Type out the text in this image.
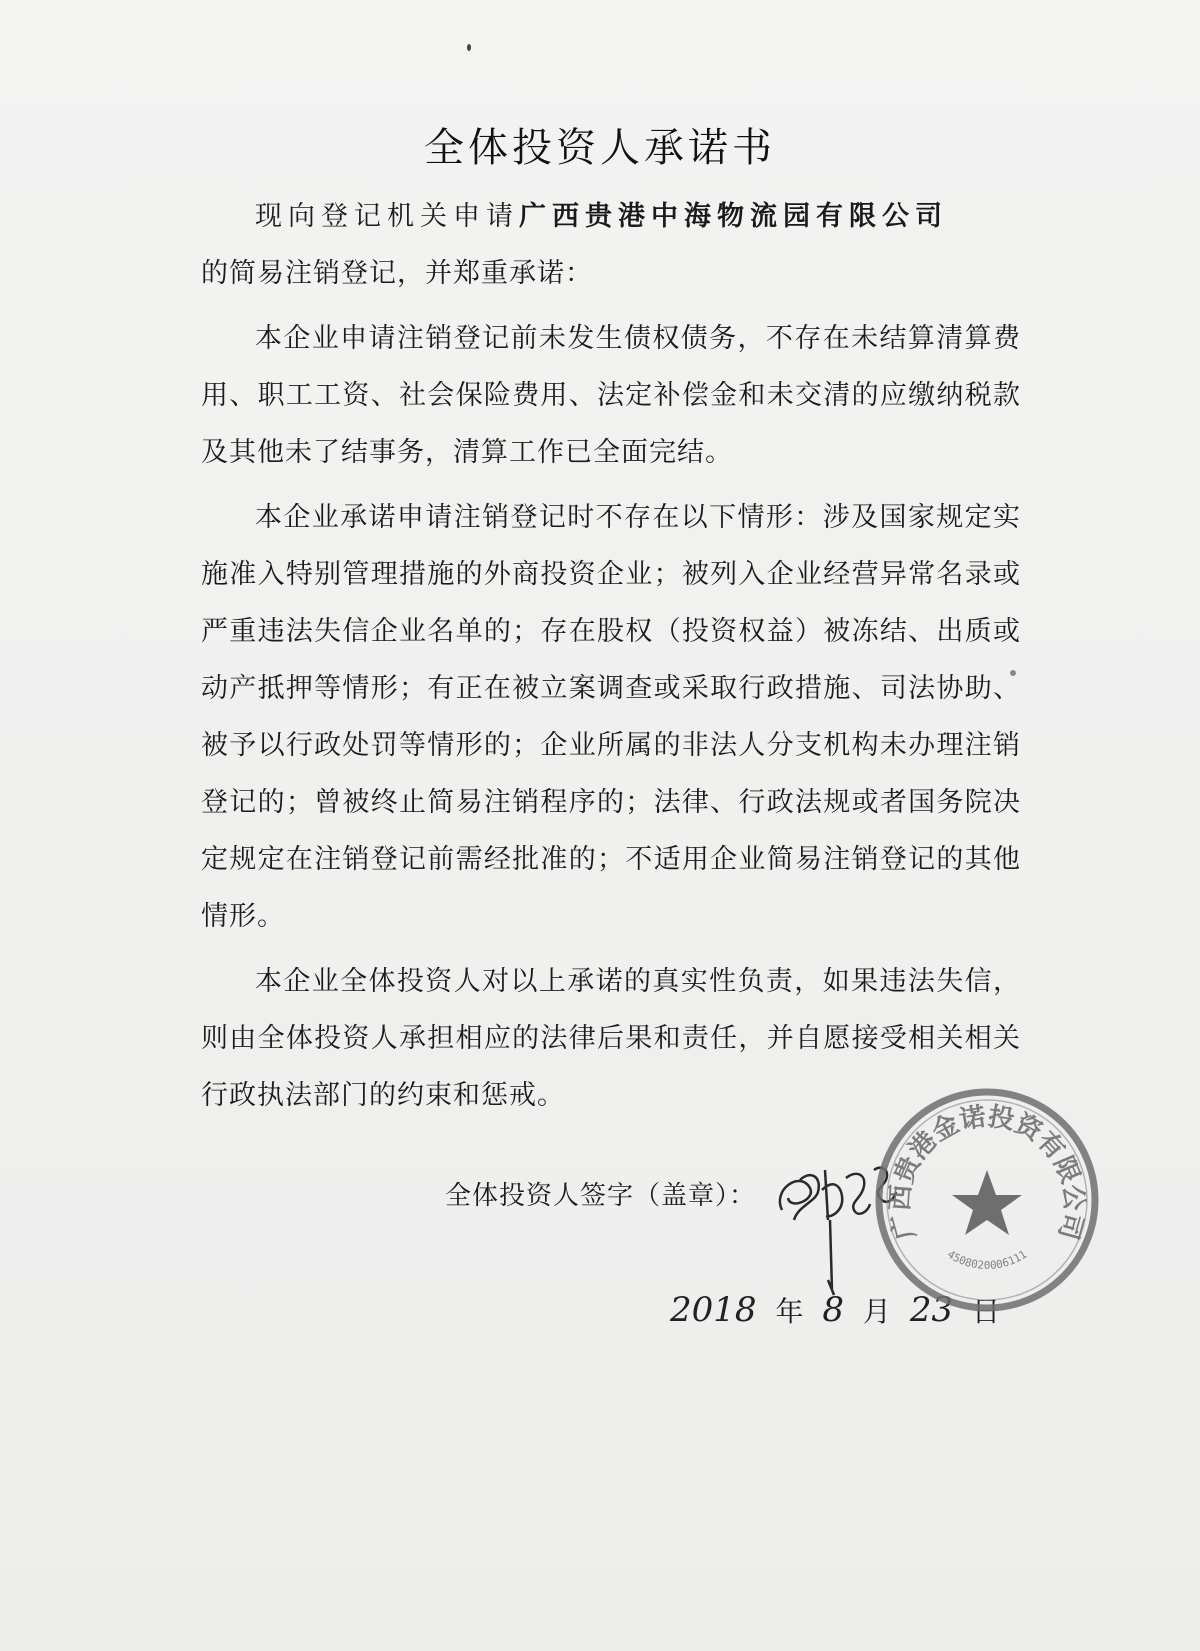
全体投资人承诺书

现向登记机关申请广西贵港中海物流园有限公司

的简易注销登记，并郑重承诺：

本企业申请注销登记前未发生债权债务，不存在未结算清算费用、职工工资、社会保险费用、法定补偿金和未交清的应缴纳税款及其他未了结事务，清算工作已全面完结。

本企业承诺申请注销登记时不存在以下情形：涉及国家规定实施准入特别管理措施的外商投资企业；被列入企业经营异常名录或严重违法失信企业名单的；存在股权（投资权益）被冻结、出质或动产抵押等情形；有正在被立案调查或采取行政措施、司法协助、被予以行政处罚等情形的；企业所属的非法人分支机构未办理注销登记的；曾被终止简易注销程序的；法律、行政法规或者国务院决定规定在注销登记前需经批准的；不适用企业简易注销登记的其他情形。

本企业全体投资人对以上承诺的真实性负责，如果违法失信，则由全体投资人承担相应的法律后果和责任，并自愿接受相关相关行政执法部门的约束和惩戒。

全体投资人签字（盖章）：
2018 年 8 月 23 日
广西贵港金诺投资有限公司
4508020006111
